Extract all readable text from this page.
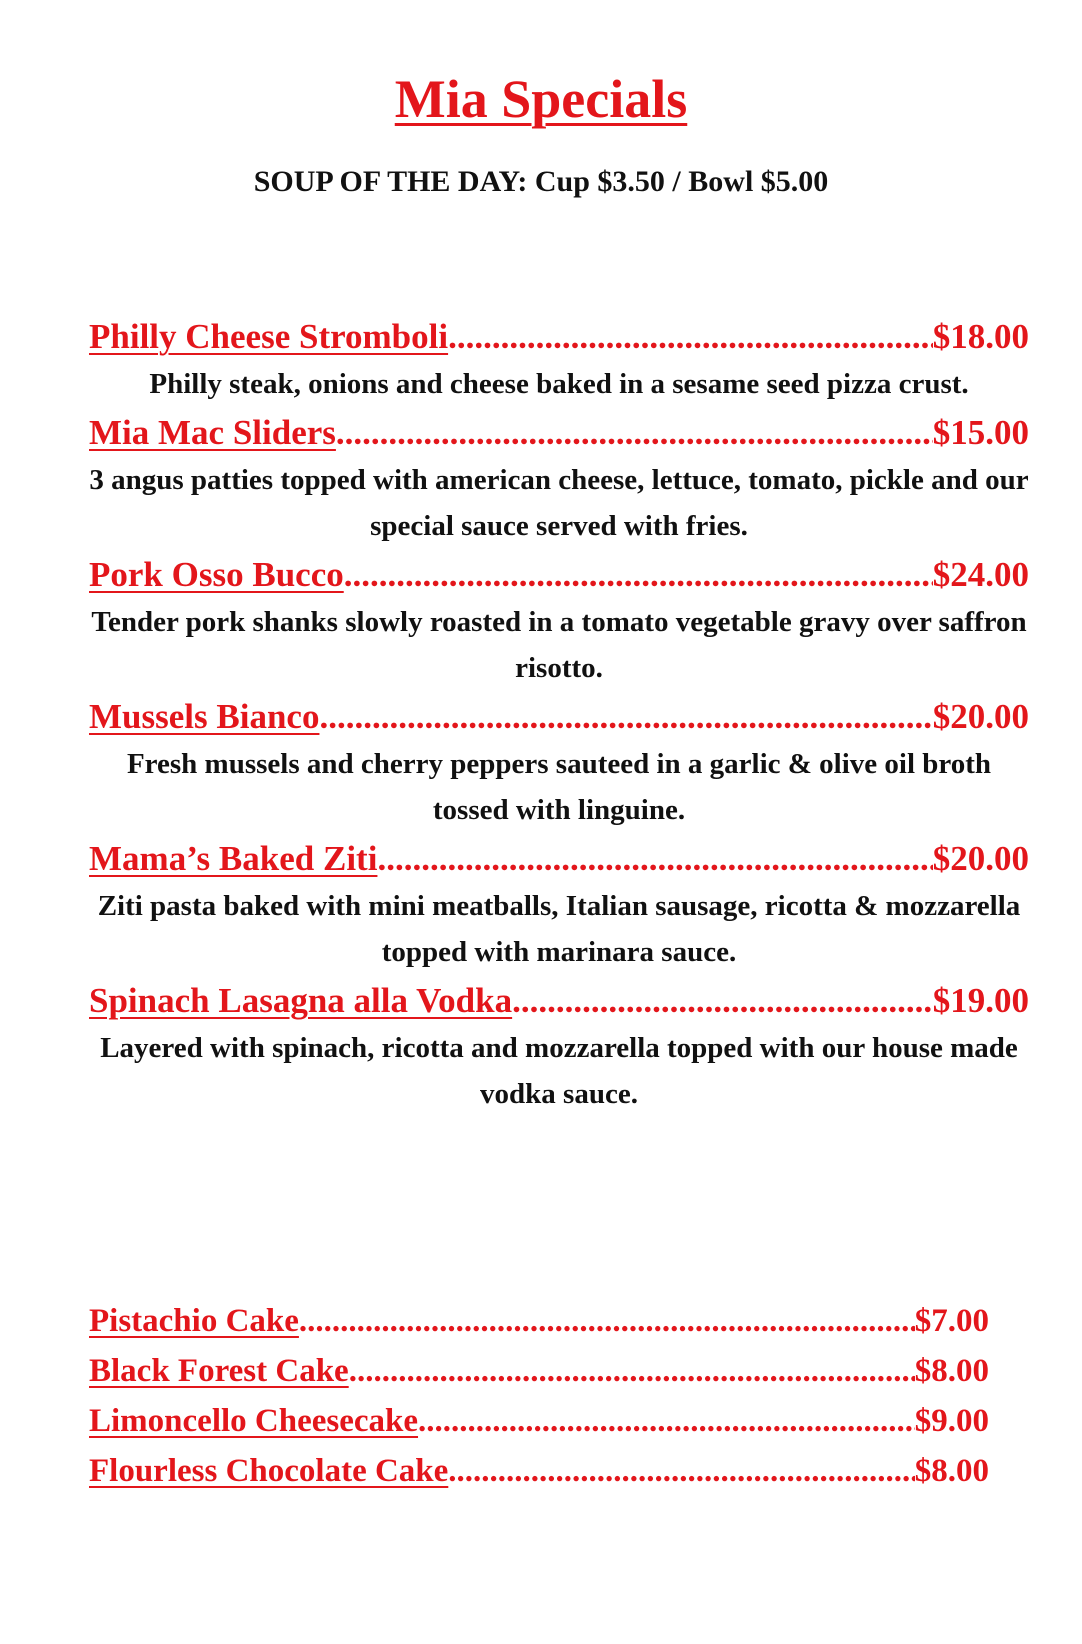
Mia Specials
SOUP OF THE DAY: Cup $3.50 / Bowl $5.00
Philly Cheese Stromboli .....	$18.00
Philly steak, onions and cheese baked in a sesame seed pizza crust.
Mia Mac Sliders .....	$15.00
3 angus patties topped with american cheese, lettuce, tomato, pickle and our special sauce served with fries.
Pork Osso Bucco .....	$24.00
Tender pork shanks slowly roasted in a tomato vegetable gravy over saffron risotto.
Mussels Bianco .....	$20.00
Fresh mussels and cherry peppers sauteed in a garlic & olive oil broth tossed with linguine.
Mama’s Baked Ziti .....	$20.00
Ziti pasta baked with mini meatballs, Italian sausage, ricotta & mozzarella topped with marinara sauce.
Spinach Lasagna alla Vodka .....	$19.00
Layered with spinach, ricotta and mozzarella topped with our house made vodka sauce.
Pistachio Cake .....	$7.00
Black Forest Cake .....	$8.00
Limoncello Cheesecake .....	$9.00
Flourless Chocolate Cake .....	$8.00
